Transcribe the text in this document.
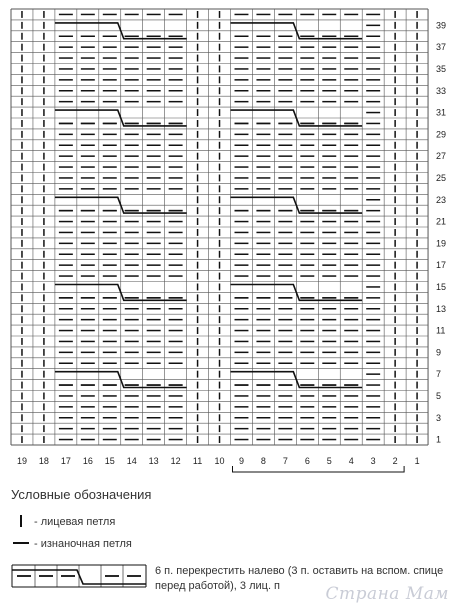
39
37
35
33
31
29
27
25
23
21
19
17
15
13
11
9
7
5
3
1
19 18 17 16 15 14 13 12 11 10 9 8 7 6 5 4 3 2 1
Условные обозначения
- лицевая петля
- изнаночная петля
6 п. перекрестить налево (3 п. оставить на вспом. спице перед работой), 3 лиц. п	Страна Мам
